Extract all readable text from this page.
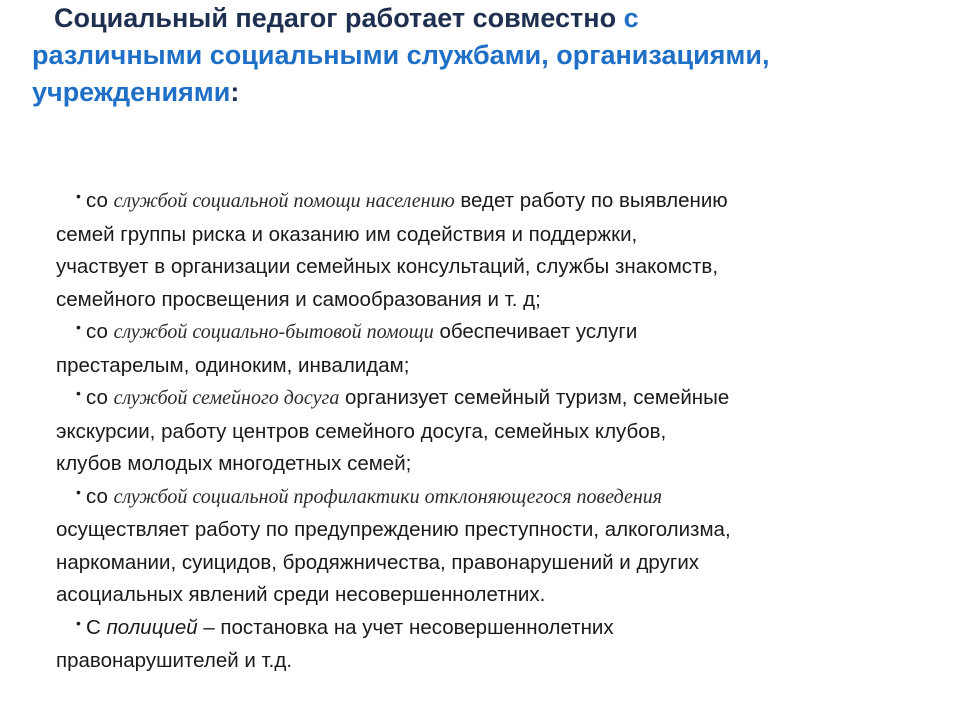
Социальный педагог работает совместно с
различными социальными службами, организациями,
учреждениями:
• со службой социальной помощи населению ведет работу по выявлению
семей группы риска и оказанию им содействия и поддержки,
участвует в организации семейных консультаций, службы знакомств,
семейного просвещения и самообразования и т. д;
• со службой социально-бытовой помощи обеспечивает услуги
престарелым, одиноким, инвалидам;
• со службой семейного досуга организует семейный туризм, семейные
экскурсии, работу центров семейного досуга, семейных клубов,
клубов молодых многодетных семей;
• со службой социальной профилактики отклоняющегося поведения
осуществляет работу по предупреждению преступности, алкоголизма,
наркомании, суицидов, бродяжничества, правонарушений и других
асоциальных явлений среди несовершеннолетних.
• С полицией – постановка на учет несовершеннолетних
правонарушителей и т.д.
